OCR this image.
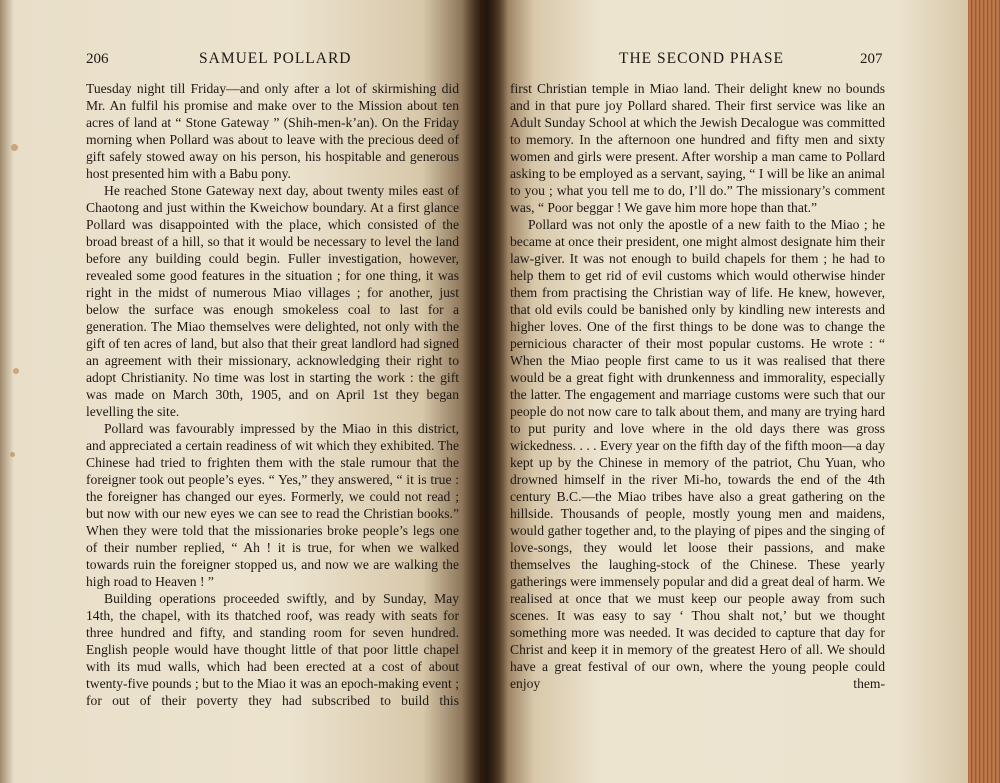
206	SAMUEL POLLARD

Tuesday night till Friday—and only after a lot of skirmishing did Mr. An fulfil his promise and make over to the Mission about ten acres of land at “ Stone Gateway ” (Shih-men-k’an). On the Friday morning when Pollard was about to leave with the precious deed of gift safely stowed away on his person, his hospitable and generous host presented him with a Babu pony.

He reached Stone Gateway next day, about twenty miles east of Chaotong and just within the Kweichow boundary. At a first glance Pollard was disappointed with the place, which consisted of the broad breast of a hill, so that it would be necessary to level the land before any building could begin. Fuller investigation, however, revealed some good features in the situation ; for one thing, it was right in the midst of numerous Miao villages ; for another, just below the surface was enough smokeless coal to last for a generation. The Miao themselves were delighted, not only with the gift of ten acres of land, but also that their great landlord had signed an agreement with their missionary, acknowledging their right to adopt Christianity. No time was lost in starting the work : the gift was made on March 30th, 1905, and on April 1st they began levelling the site.

Pollard was favourably impressed by the Miao in this district, and appreciated a certain readiness of wit which they exhibited. The Chinese had tried to frighten them with the stale rumour that the foreigner took out people’s eyes. “ Yes,” they answered, “ it is true : the foreigner has changed our eyes. Formerly, we could not read ; but now with our new eyes we can see to read the Christian books.” When they were told that the missionaries broke people’s legs one of their number replied, “ Ah ! it is true, for when we walked towards ruin the foreigner stopped us, and now we are walking the high road to Heaven ! ”

Building operations proceeded swiftly, and by Sunday, May 14th, the chapel, with its thatched roof, was ready with seats for three hundred and fifty, and standing room for seven hundred. English people would have thought little of that poor little chapel with its mud walls, which had been erected at a cost of about twenty-five pounds ; but to the Miao it was an epoch-making event ; for out of their poverty they had subscribed to build this

THE SECOND PHASE	207

first Christian temple in Miao land. Their delight knew no bounds and in that pure joy Pollard shared. Their first service was like an Adult Sunday School at which the Jewish Decalogue was committed to memory. In the afternoon one hundred and fifty men and sixty women and girls were present. After worship a man came to Pollard asking to be employed as a servant, saying, “ I will be like an animal to you ; what you tell me to do, I’ll do.” The missionary’s comment was, “ Poor beggar ! We gave him more hope than that.”

Pollard was not only the apostle of a new faith to the Miao ; he became at once their president, one might almost designate him their law-giver. It was not enough to build chapels for them ; he had to help them to get rid of evil customs which would otherwise hinder them from practising the Christian way of life. He knew, however, that old evils could be banished only by kindling new interests and higher loves. One of the first things to be done was to change the pernicious character of their most popular customs. He wrote : “ When the Miao people first came to us it was realised that there would be a great fight with drunkenness and immorality, especially the latter. The engagement and marriage customs were such that our people do not now care to talk about them, and many are trying hard to put purity and love where in the old days there was gross wickedness. . . . Every year on the fifth day of the fifth moon—a day kept up by the Chinese in memory of the patriot, Chu Yuan, who drowned himself in the river Mi-ho, towards the end of the 4th century B.C.—the Miao tribes have also a great gathering on the hillside. Thousands of people, mostly young men and maidens, would gather together and, to the playing of pipes and the singing of love-songs, they would let loose their passions, and make themselves the laughing-stock of the Chinese. These yearly gatherings were immensely popular and did a great deal of harm. We realised at once that we must keep our people away from such scenes. It was easy to say ‘ Thou shalt not,’ but we thought something more was needed. It was decided to capture that day for Christ and keep it in memory of the greatest Hero of all. We should have a great festival of our own, where the young people could enjoy them-
